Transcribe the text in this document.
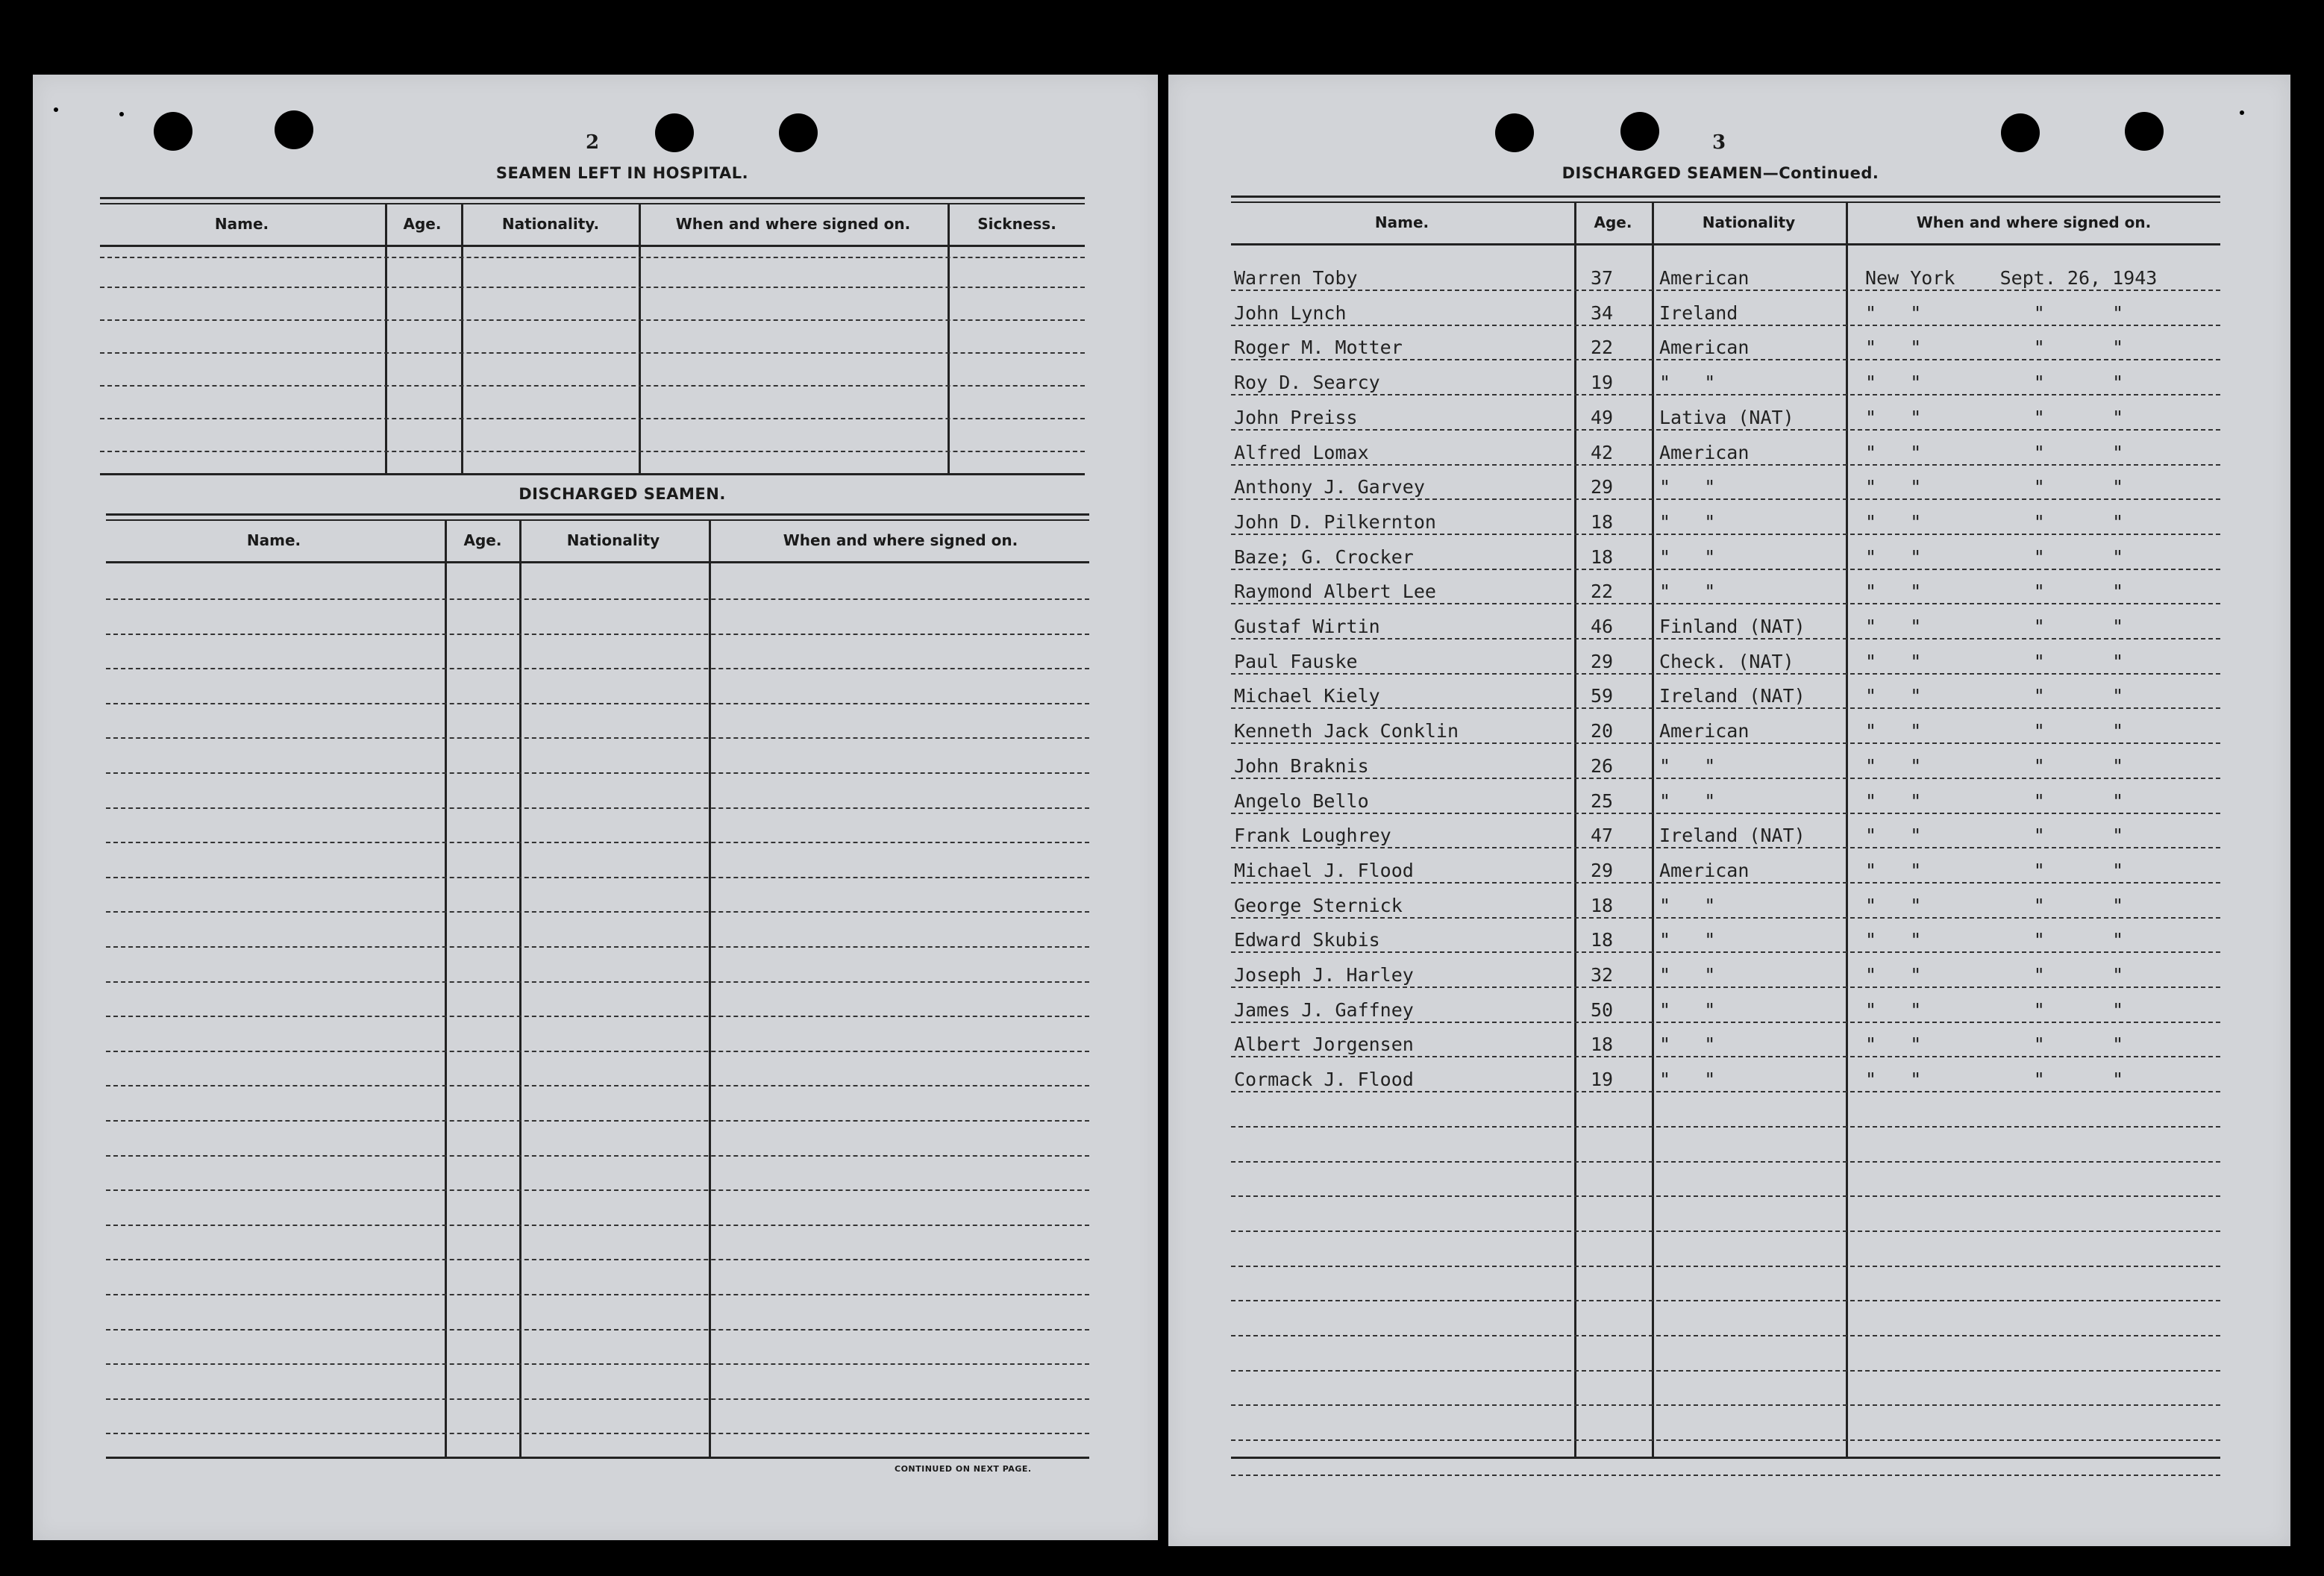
2
SEAMEN LEFT IN HOSPITAL.
Name.	Age.	Nationality.	When and where signed on.	Sickness.
DISCHARGED SEAMEN.
Name.	Age.	Nationality	When and where signed on.
CONTINUED ON NEXT PAGE.
3
DISCHARGED SEAMEN—Continued.
Name.	Age.	Nationality	When and where signed on.
Warren Toby	37 American	New York    Sept. 26, 1943
John Lynch	34 Ireland	"   "          "      "
Roger M. Motter	22 American	"   "          "      "
Roy D. Searcy	19 "   "	"   "          "      "
John Preiss	49 Lativa (NAT)	"   "          "      "
Alfred Lomax	42 American	"   "          "      "
Anthony J. Garvey	29 "   "	"   "          "      "
John D. Pilkernton	18 "   "	"   "          "      "
Baze; G. Crocker	18 "   "	"   "          "      "
Raymond Albert Lee	22 "   "	"   "          "      "
Gustaf Wirtin	46 Finland (NAT)	"   "          "      "
Paul Fauske	29 Check. (NAT)	"   "          "      "
Michael Kiely	59 Ireland (NAT)	"   "          "      "
Kenneth Jack Conklin	20 American	"   "          "      "
John Braknis	26 "   "	"   "          "      "
Angelo Bello	25 "   "	"   "          "      "
Frank Loughrey	47 Ireland (NAT)	"   "          "      "
Michael J. Flood	29 American	"   "          "      "
George Sternick	18 "   "	"   "          "      "
Edward Skubis	18 "   "	"   "          "      "
Joseph J. Harley	32 "   "	"   "          "      "
James J. Gaffney	50 "   "	"   "          "      "
Albert Jorgensen	18 "   "	"   "          "      "
Cormack J. Flood	19 "   "	"   "          "      "
